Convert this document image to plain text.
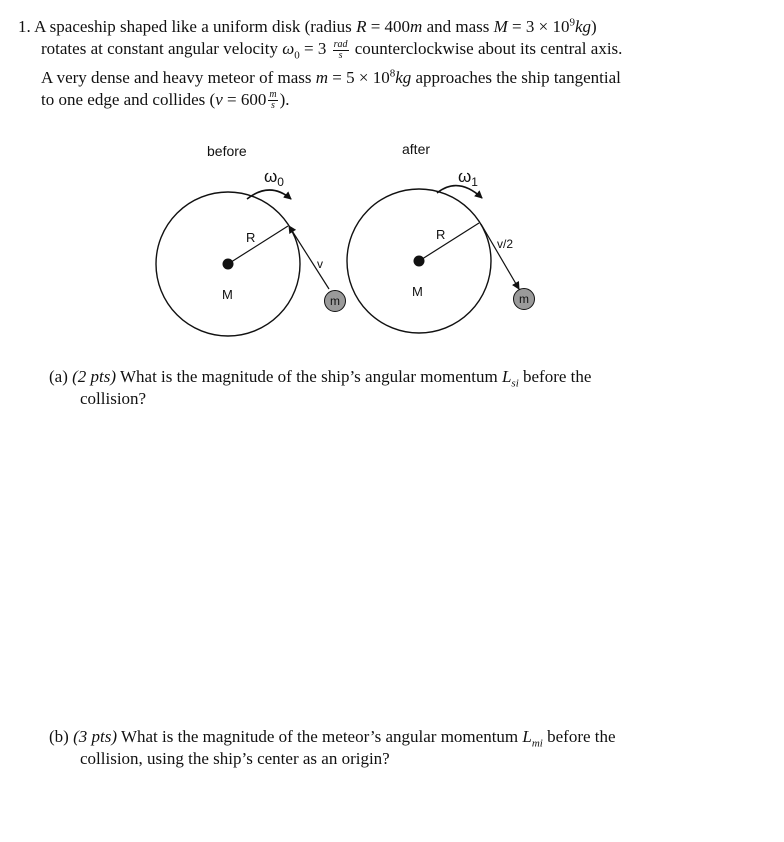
1. A spaceship shaped like a uniform disk (radius R = 400m and mass $M = 3 \times 10^9kg$)
rotates at constant angular velocity $\omega_0 = 3 \frac{\text{rad}}{s}$ counterclockwise about its central axis.
A very dense and heavy meteor of mass $m = 5 \times 10^8kg$ approaches the ship tangential
to one edge and collides ($v = 600 \frac{m}{s}$ ).
before
$\omega_0$
R
M
v
m
after
$\omega_1$
R
M
v/2
m
(a) (2 pts) What is the magnitude of the ship’s angular momentum $L_{si}$ before the
collision?
(b) (3 pts) What is the magnitude of the meteor’s angular momentum $L_{mi}$ before the
collision, using the ship’s center as an origin?
